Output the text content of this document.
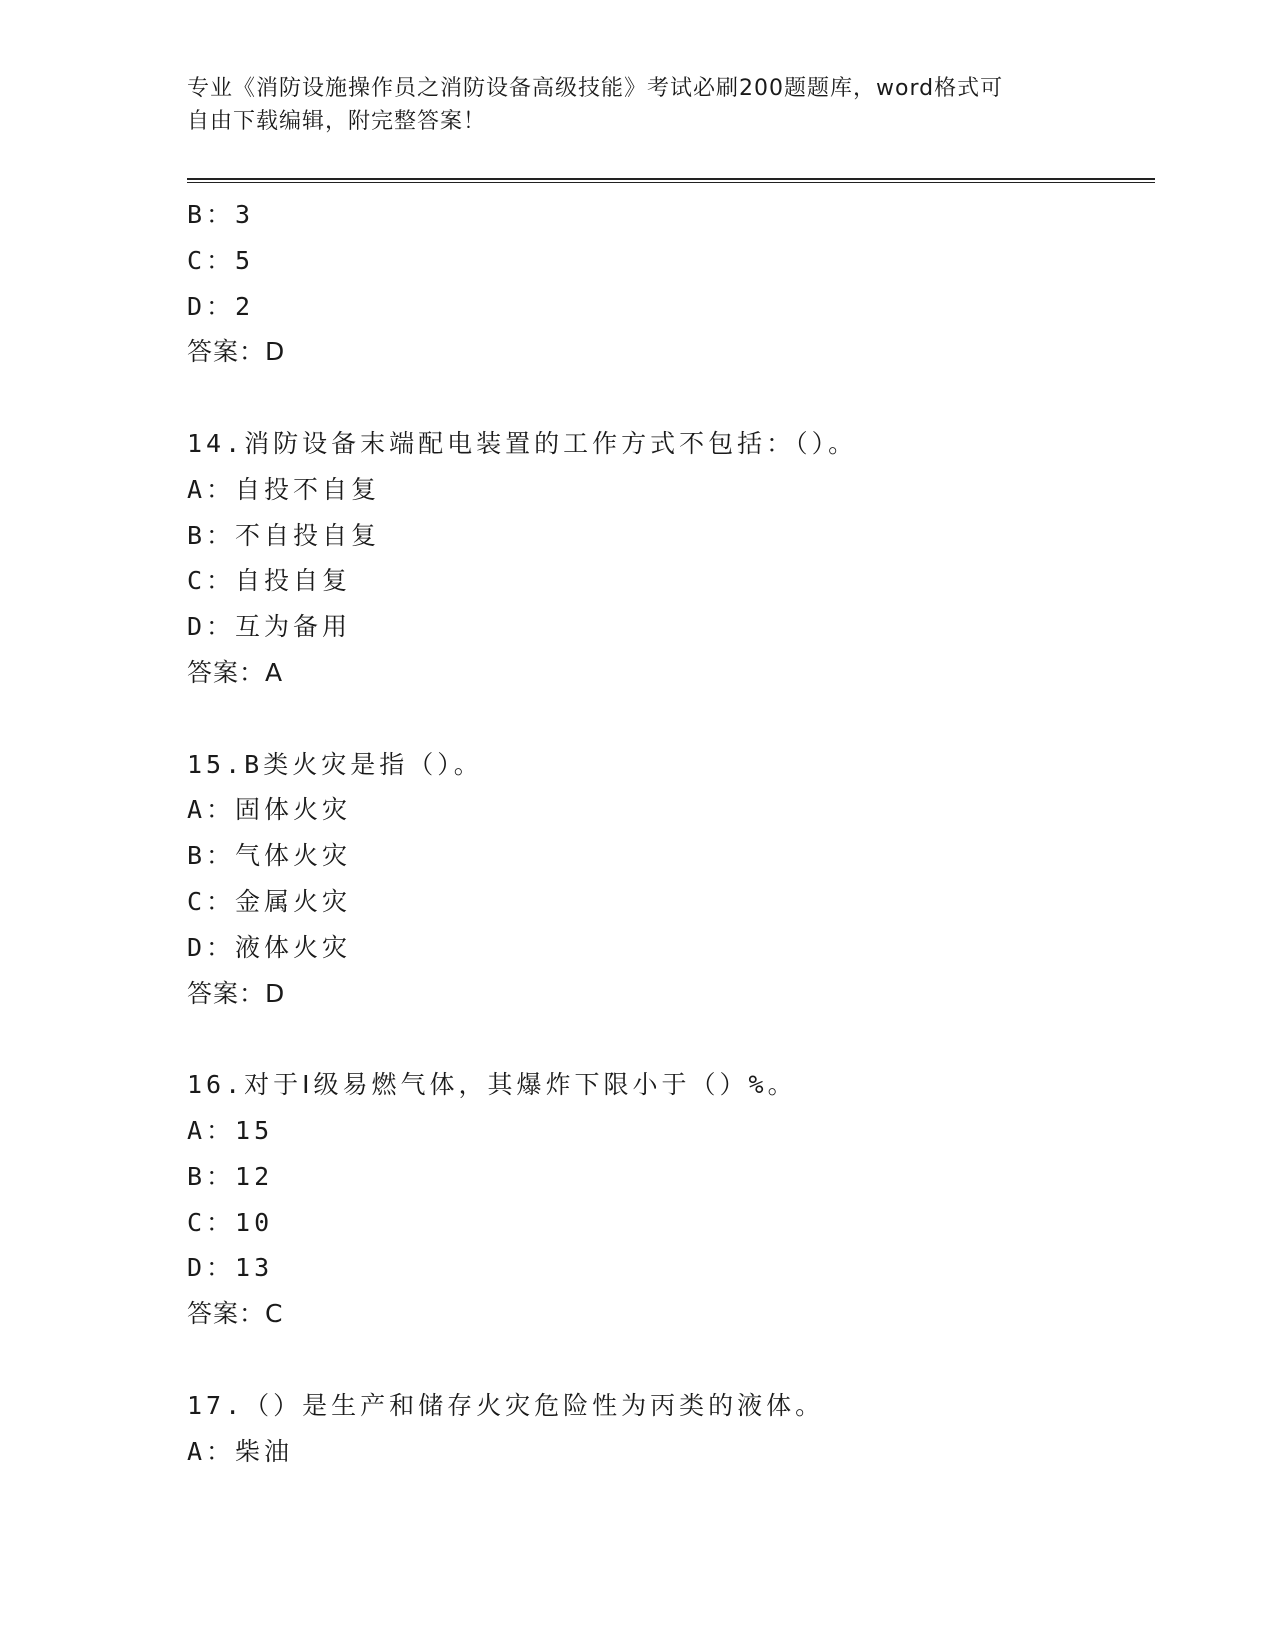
专业《消防设施操作员之消防设备高级技能》考试必刷200题题库，word格式可
自由下载编辑，附完整答案！
B：3
C：5
D：2
答案：D
14.消防设备末端配电装置的工作方式不包括：（）。
A：自投不自复
B：不自投自复
C：自投自复
D：互为备用
答案：A
15.B类火灾是指（）。
A：固体火灾
B：气体火灾
C：金属火灾
D：液体火灾
答案：D
16.对于Ⅰ级易燃气体，其爆炸下限小于（）%。
A：15
B：12
C：10
D：13
答案：C
17.（）是生产和储存火灾危险性为丙类的液体。
A：柴油
